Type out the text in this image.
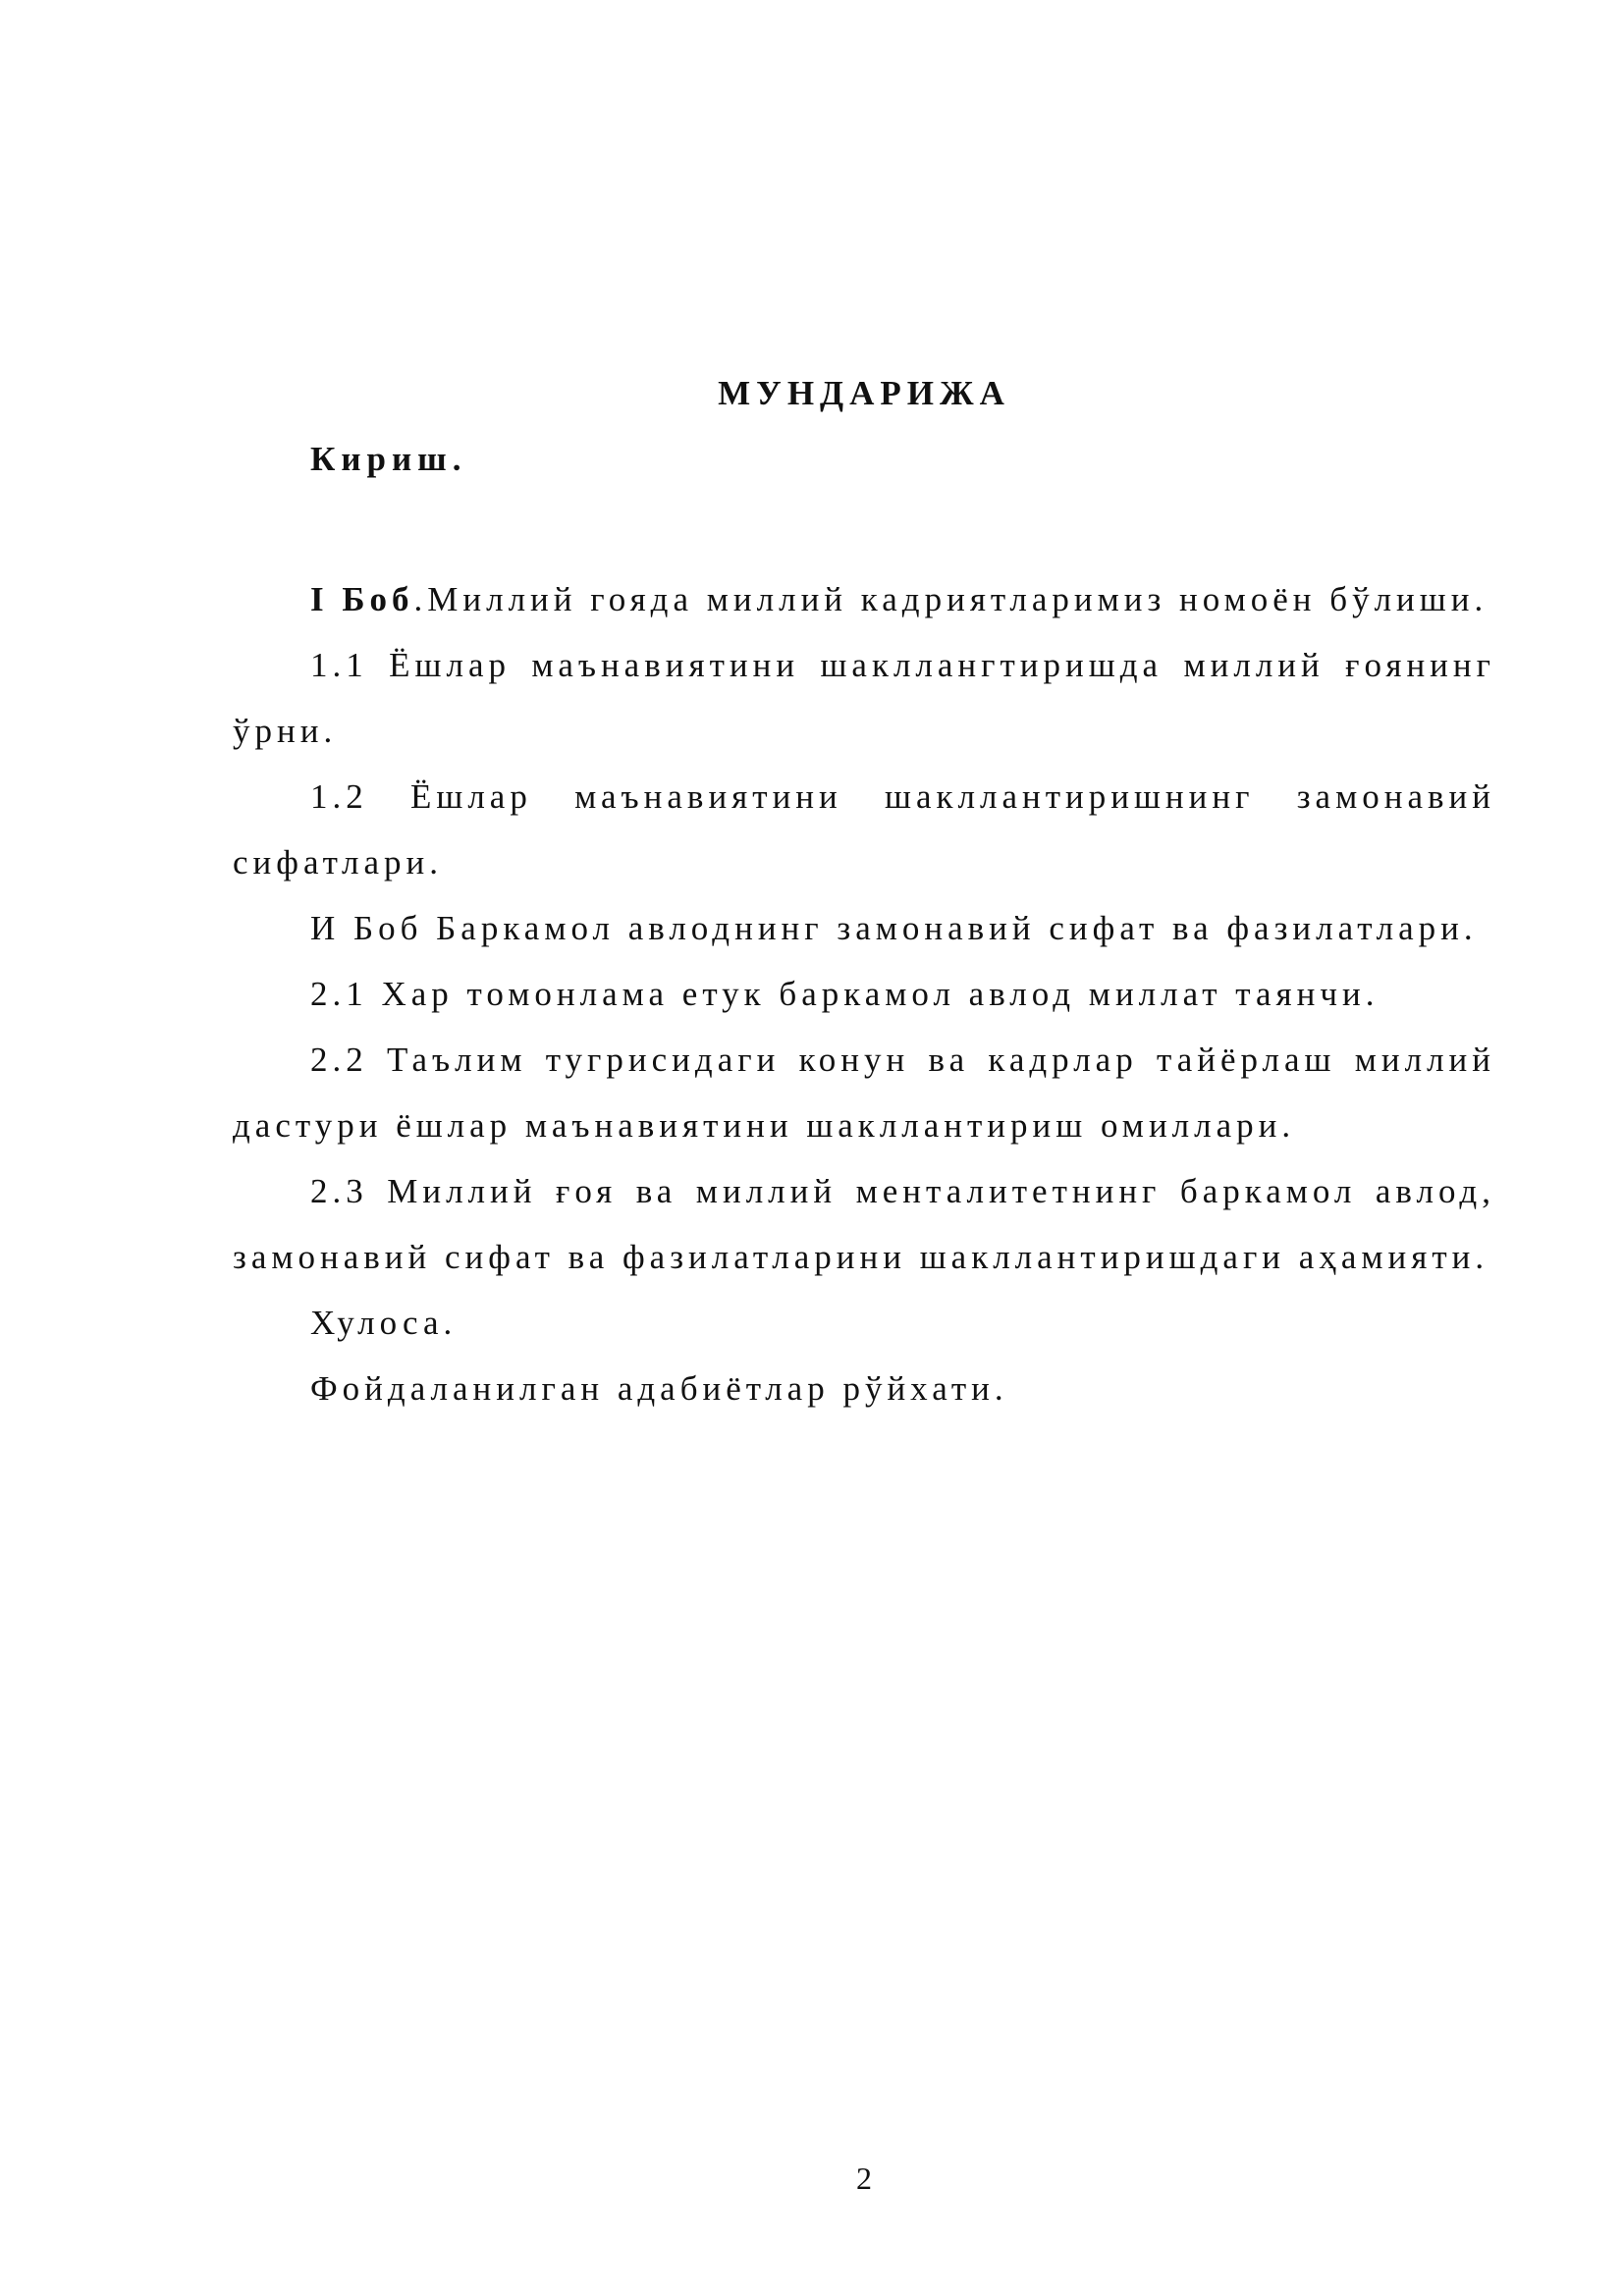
МУНДАРИЖА
Кириш.

I Боб.Миллий гояда миллий кадриятларимиз номоён бўлиши.

1.1 Ёшлар маънавиятини шакллангтиришда миллий ғоянинг ўрни.

1.2 Ёшлар маънавиятини шакллантиришнинг замонавий сифатлари.

И Боб Баркамол авлоднинг замонавий сифат ва фазилатлари.

2.1 Хар томонлама етук баркамол авлод миллат таянчи.

2.2 Таълим тугрисидаги конун ва кадрлар тайёрлаш миллий дастури ёшлар маънавиятини шакллантириш омиллари.

2.3 Миллий ғоя ва миллий менталитетнинг баркамол авлод, замонавий сифат ва фазилатларини шакллантиришдаги аҳамияти.

Хулоса.

Фойдаланилган адабиётлар рўйхати.

2
